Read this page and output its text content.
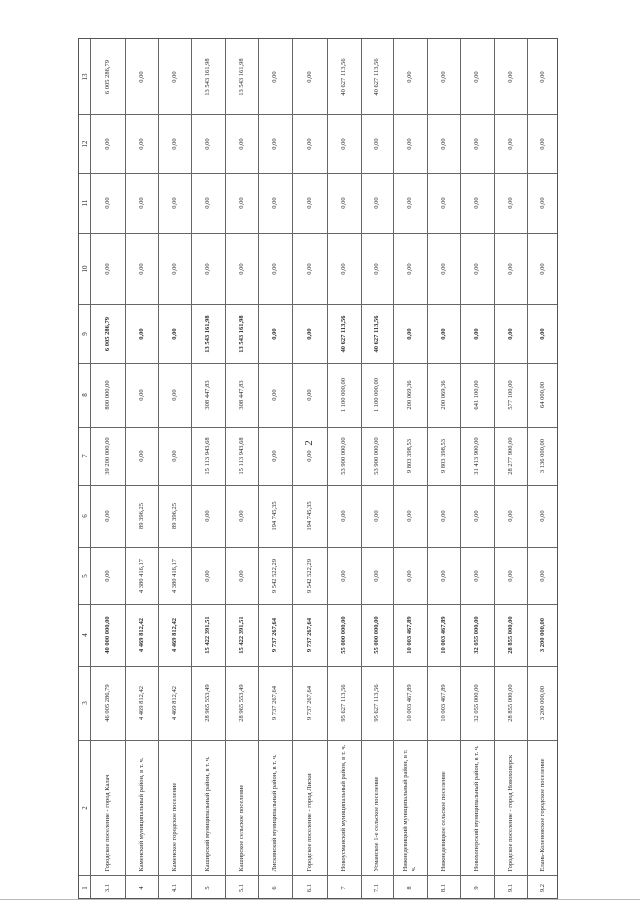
2
1
2
3
4
5
6
7
8
9
10
11
12
13
3.1
Городское поселение - город Калач
46 005 286,79
40 000 000,00
0,00
0,00
39 200 000,00
800 000,00
6 005 286,79
0,00
0,00
0,00
6 005 286,79
4
Каменский муниципальный район, в т. ч.
4 469 812,42
4 469 812,42
4 380 416,17
89 396,25
0,00
0,00
0,00
0,00
0,00
0,00
0,00
4.1
Каменское городское поселение
4 469 812,42
4 469 812,42
4 380 416,17
89 396,25
0,00
0,00
0,00
0,00
0,00
0,00
0,00
5
Каширский муниципальный район, в т. ч.
28 965 553,49
15 422 391,51
0,00
0,00
15 113 943,68
308 447,83
13 543 161,98
0,00
0,00
0,00
13 543 161,98
5.1
Каширское сельское поселение
28 965 553,49
15 422 391,51
0,00
0,00
15 113 943,68
308 447,83
13 543 161,98
0,00
0,00
0,00
13 543 161,98
6
Лискинский муниципальный район, в т. ч.
9 737 267,64
9 737 267,64
9 542 522,29
194 745,35
0,00
0,00
0,00
0,00
0,00
0,00
0,00
6.1
Городское поселение - город Лиски
9 737 267,64
9 737 267,64
9 542 522,29
194 745,35
0,00
0,00
0,00
0,00
0,00
0,00
0,00
7
Новоусманский муниципальный район, в т. ч.
95 627 113,56
55 000 000,00
0,00
0,00
53 900 000,00
1 100 000,00
40 627 113,56
0,00
0,00
0,00
40 627 113,56
7.1
Усманское 1-е сельское поселение
95 627 113,56
55 000 000,00
0,00
0,00
53 900 000,00
1 100 000,00
40 627 113,56
0,00
0,00
0,00
40 627 113,56
8
Нижнедевицкий муниципальный район, в т. ч.
10 003 467,89
10 003 467,89
0,00
0,00
9 803 398,53
200 069,36
0,00
0,00
0,00
0,00
0,00
8.1
Нижнедевицкое сельское поселение
10 003 467,89
10 003 467,89
0,00
0,00
9 803 398,53
200 069,36
0,00
0,00
0,00
0,00
0,00
9
Новохоперский муниципальный район, в т. ч.
32 055 000,00
32 055 000,00
0,00
0,00
31 413 900,00
641 100,00
0,00
0,00
0,00
0,00
0,00
9.1
Городское поселение - город Новохоперск
28 855 000,00
28 855 000,00
0,00
0,00
28 277 900,00
577 100,00
0,00
0,00
0,00
0,00
0,00
9.2
Елань-Коленовское городское поселение
3 200 000,00
3 200 000,00
0,00
0,00
3 136 000,00
64 000,00
0,00
0,00
0,00
0,00
0,00
